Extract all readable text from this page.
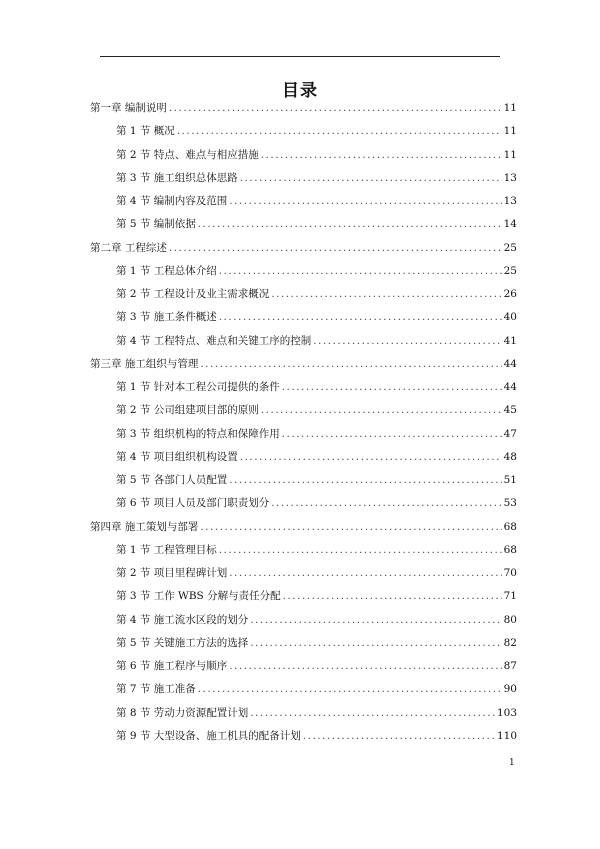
目录
第一章 编制说明 .....	11
第 1 节 概况 .....	11
第 2 节 特点、难点与相应措施 .....	11
第 3 节 施工组织总体思路 .....	13
第 4 节 编制内容及范围 .....	13
第 5 节 编制依据 .....	14
第二章 工程综述 .....	25
第 1 节 工程总体介绍 .....	25
第 2 节 工程设计及业主需求概况 .....	26
第 3 节 施工条件概述 .....	40
第 4 节 工程特点、难点和关键工序的控制 .....	41
第三章 施工组织与管理 .....	44
第 1 节 针对本工程公司提供的条件 .....	44
第 2 节 公司组建项目部的原则 .....	45
第 3 节 组织机构的特点和保障作用 .....	47
第 4 节 项目组织机构设置 .....	48
第 5 节 各部门人员配置 .....	51
第 6 节 项目人员及部门职责划分 .....	53
第四章 施工策划与部署 .....	68
第 1 节 工程管理目标 .....	68
第 2 节 项目里程碑计划 .....	70
第 3 节 工作 WBS 分解与责任分配 .....	71
第 4 节 施工流水区段的划分 .....	80
第 5 节 关键施工方法的选择 .....	82
第 6 节 施工程序与顺序 .....	87
第 7 节 施工准备 .....	90
第 8 节 劳动力资源配置计划 .....	103
第 9 节 大型设备、施工机具的配备计划 .....	110
1
